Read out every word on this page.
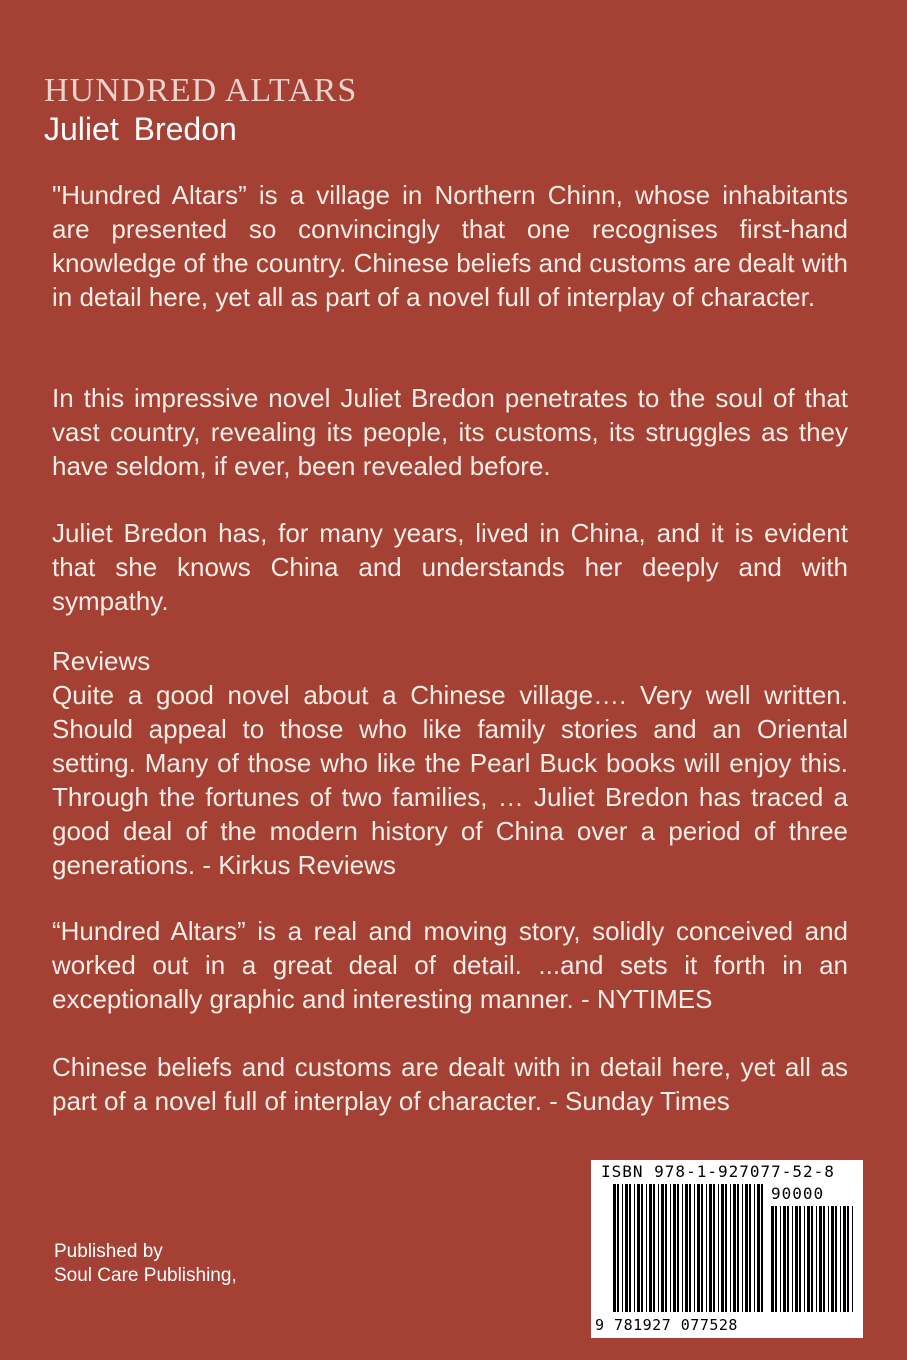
HUNDRED ALTARS
Juliet Bredon

"Hundred Altars” is a village in Northern Chinn, whose inhabitants are presented so convincingly that one recognises first-hand knowledge of the country. Chinese beliefs and customs are dealt with in detail here, yet all as part of a novel full of interplay of character.

In this impressive novel Juliet Bredon penetrates to the soul of that vast country, revealing its people, its customs, its struggles as they have seldom, if ever, been revealed before.

Juliet Bredon has, for many years, lived in China, and it is evident that she knows China and understands her deeply and with sympathy.

Reviews

Quite a good novel about a Chinese village…. Very well written. Should appeal to those who like family stories and an Oriental setting. Many of those who like the Pearl Buck books will enjoy this. Through the fortunes of two families, … Juliet Bredon has traced a good deal of the modern history of China over a period of three generations. - Kirkus Reviews

“Hundred Altars” is a real and moving story, solidly conceived and worked out in a great deal of detail. ...and sets it forth in an exceptionally graphic and interesting manner. - NYTIMES

Chinese beliefs and customs are dealt with in detail here, yet all as part of a novel full of interplay of character. - Sunday Times

Published by
Soul Care Publishing,
ISBN 978-1-927077-52-8
90000
9 781927 077528
